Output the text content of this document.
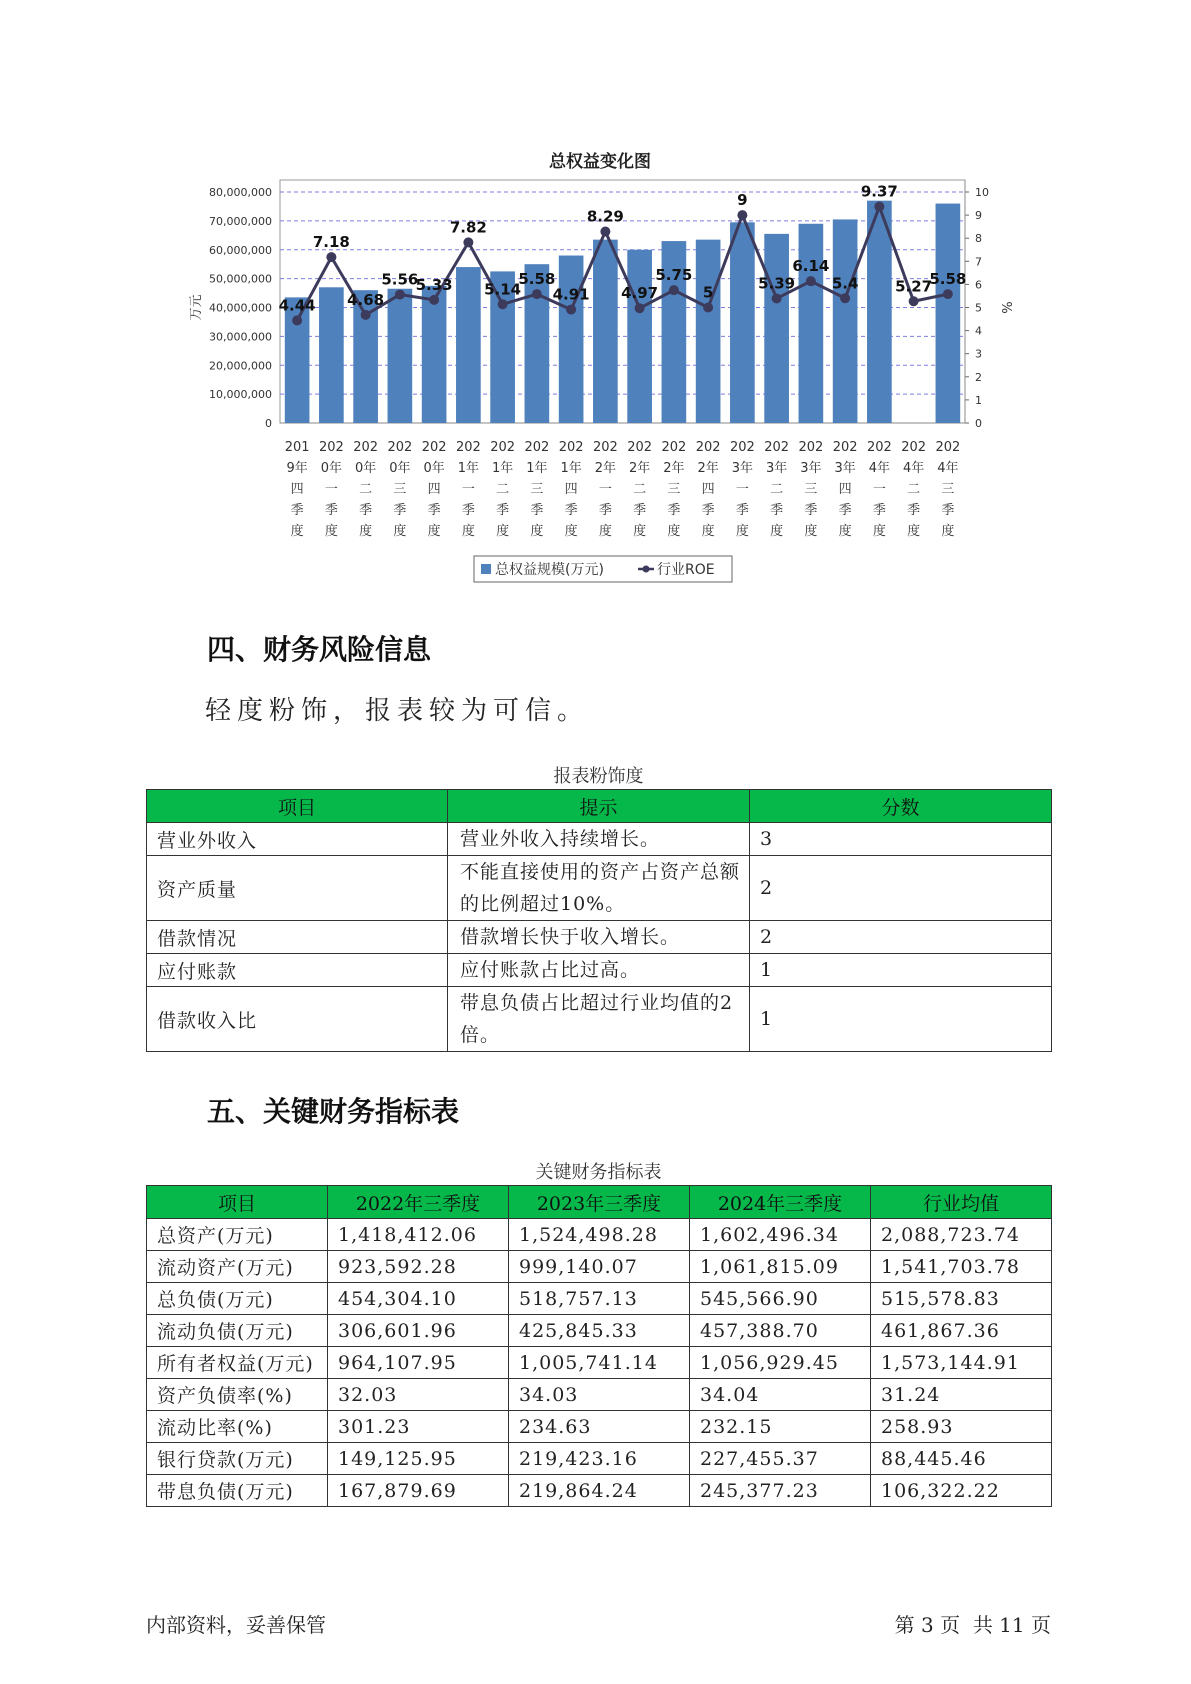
总权益变化图
0
10,000,000
20,000,000
30,000,000
40,000,000
50,000,000
60,000,000
70,000,000
80,000,000
0
1
2
3
4
5
6
7
8
9
10
万元	%
4.44
7.18
4.68
5.56
5.33
7.82
5.14
5.58
4.91
8.29
4.97
5.75
5
9
5.39
6.14
5.4
9.37
5.27
5.58
201
9年
四
季
度
202
0年
一
季
度
202
0年
二
季
度
202
0年
三
季
度
202
0年
四
季
度
202
1年
一
季
度
202
1年
二
季
度
202
1年
三
季
度
202
1年
四
季
度
202
2年
一
季
度
202
2年
二
季
度
202
2年
三
季
度
202
2年
四
季
度
202
3年
一
季
度
202
3年
二
季
度
202
3年
三
季
度
202
3年
四
季
度
202
4年
一
季
度
202
4年
二
季
度
202
4年
三
季
度
总权益规模(万元)	行业ROE
四、财务风险信息

轻度粉饰，报表较为可信。

报表粉饰度
项目	提示	分数
营业外收入	营业外收入持续增长。	3
资产质量	不能直接使用的资产占资产总额的比例超过10%。	2
借款情况	借款增长快于收入增长。	2
应付账款	应付账款占比过高。	1
借款收入比	带息负债占比超过行业均值的2倍。	1
五、关键财务指标表
关键财务指标表
项目	2022年三季度	2023年三季度	2024年三季度	行业均值
总资产(万元)	1,418,412.06	1,524,498.28	1,602,496.34	2,088,723.74
流动资产(万元)	923,592.28	999,140.07	1,061,815.09	1,541,703.78
总负债(万元)	454,304.10	518,757.13	545,566.90	515,578.83
流动负债(万元)	306,601.96	425,845.33	457,388.70	461,867.36
所有者权益(万元)	964,107.95	1,005,741.14	1,056,929.45	1,573,144.91
资产负债率(%)	32.03	34.03	34.04	31.24
流动比率(%)	301.23	234.63	232.15	258.93
银行贷款(万元)	149,125.95	219,423.16	227,455.37	88,445.46
带息负债(万元)	167,879.69	219,864.24	245,377.23	106,322.22
内部资料，妥善保管	第 3 页  共 11 页
